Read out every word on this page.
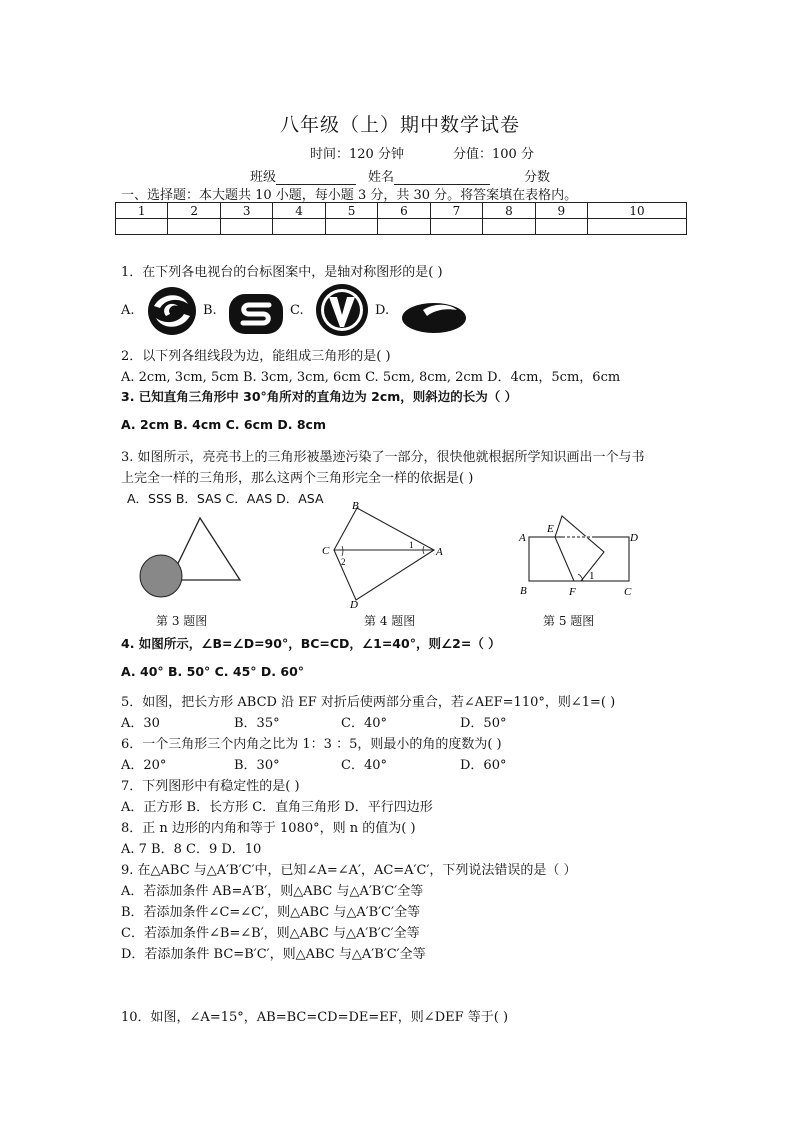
八年级（上）期中数学试卷
时间：120 分钟	分值：100 分
班级	姓名	分数
一、选择题：本大题共 10 小题，每小题 3 分，共 30 分。将答案填在表格内。
1	2	3	4	5	6	7	8	9	10

1．在下列各电视台的台标图案中，是轴对称图形的是( )
A.	B.	C.	D.
2．以下列各组线段为边，能组成三角形的是( )
A. 2cm, 3cm, 5cm B. 3cm, 3cm, 6cm C. 5cm, 8cm, 2cm D．4cm，5cm，6cm
3. 已知直角三角形中 30°角所对的直角边为 2cm，则斜边的长为（ ）
A. 2cm B. 4cm C. 6cm D. 8cm
3. 如图所示，亮亮书上的三角形被墨迹污染了一部分，很快他就根据所学知识画出一个与书
上完全一样的三角形，那么这两个三角形完全一样的依据是( )
A．SSS B．SAS C．AAS D．ASA
第 3 题图
B
C	A
D
1
2
第 4 题图
A
E
D
B	F	C
1
第 5 题图
4. 如图所示，∠B=∠D=90°，BC=CD，∠1=40°，则∠2=（ ）
A. 40° B. 50° C. 45° D. 60°
5．如图，把长方形 ABCD 沿 EF 对折后使两部分重合，若∠AEF=110°，则∠1=( )
A．30	B．35°	C．40°	D．50°
6．一个三角形三个内角之比为 1：3 ：5，则最小的角的度数为( )
A．20°	B．30°	C．40°	D．60°
7．下列图形中有稳定性的是( )
A．正方形 B．长方形 C．直角三角形 D．平行四边形
8．正 n 边形的内角和等于 1080°，则 n 的值为( )
A. 7 B．8 C．9 D．10
9. 在△ABC 与△A′B′C′中，已知∠A=∠A′，AC=A′C′，下列说法错误的是（ ）
A．若添加条件 AB=A′B′，则△ABC 与△A′B′C′全等
B．若添加条件∠C=∠C′，则△ABC 与△A′B′C′全等
C．若添加条件∠B=∠B′，则△ABC 与△A′B′C′全等
D．若添加条件 BC=B′C′，则△ABC 与△A′B′C′全等
10．如图，∠A=15°，AB=BC=CD=DE=EF，则∠DEF 等于( )
